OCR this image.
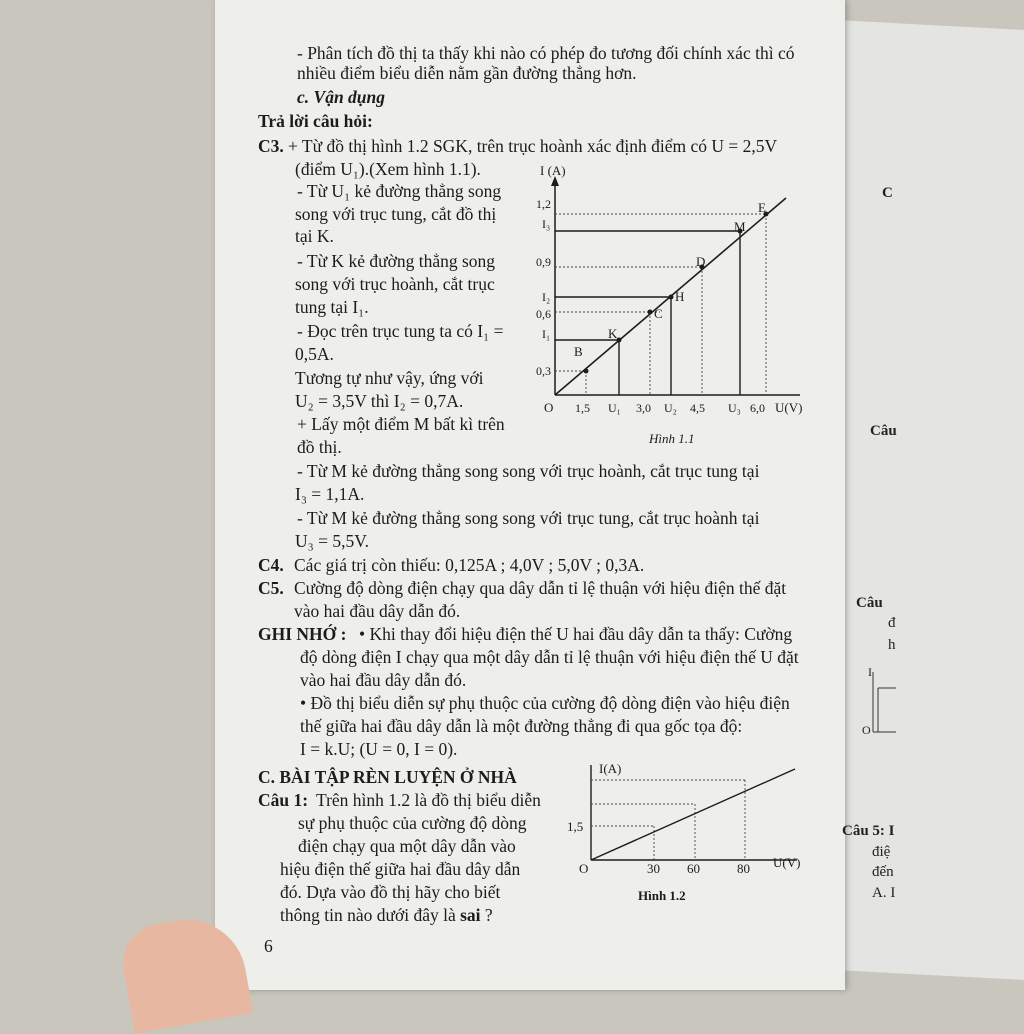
C
Câu
Câu
đ
h
I
O
Câu 5: I
điệ
đến
A. I
- Phân tích đồ thị ta thấy khi nào có phép đo tương đối chính xác thì có
nhiều điểm biểu diễn nằm gần đường thẳng hơn.
c. Vận dụng
Trả lời câu hỏi:
C3. + Từ đồ thị hình 1.2 SGK, trên trục hoành xác định điểm có U = 2,5V
(điểm U₁).(Xem hình 1.1).
- Từ U₁ kẻ đường thẳng song
song với trục tung, cắt đồ thị
tại K.
- Từ K kẻ đường thẳng song
song với trục hoành, cắt trục
tung tại I₁.
- Đọc trên trục tung ta có I₁ =
0,5A.
Tương tự như vậy, ứng với
U₂ = 3,5V thì I₂ = 0,7A.
+ Lấy một điểm M bất kì trên
đồ thị.
- Từ M kẻ đường thẳng song song với trục hoành, cắt trục tung tại
I₃ = 1,1A.
- Từ M kẻ đường thẳng song song với trục tung, cắt trục hoành tại
U₃ = 5,5V.
C4. Các giá trị còn thiếu: 0,125A ; 4,0V ; 5,0V ; 0,3A.
C5. Cường độ dòng điện chạy qua dây dẫn tỉ lệ thuận với hiệu điện thế đặt
vào hai đầu dây dẫn đó.
GHI NHỚ : • Khi thay đổi hiệu điện thế U hai đầu dây dẫn ta thấy: Cường
độ dòng điện I chạy qua một dây dẫn tỉ lệ thuận với hiệu điện thế U đặt
vào hai đầu dây dẫn đó.
• Đồ thị biểu diễn sự phụ thuộc của cường độ dòng điện vào hiệu điện
thế giữa hai đầu dây dẫn là một đường thẳng đi qua gốc tọa độ:
I = k.U; (U = 0, I = 0).
C. BÀI TẬP RÈN LUYỆN Ở NHÀ
Câu 1: Trên hình 1.2 là đồ thị biểu diễn
sự phụ thuộc của cường độ dòng
điện chạy qua một dây dẫn vào
hiệu điện thế giữa hai đầu dây dẫn
đó. Dựa vào đồ thị hãy cho biết
thông tin nào dưới đây là sai ?
6
I (A)
U(V)
O
0,3
0,6
0,9
1,2
I₁
I₂
I₃
1,5 U₁ 3,0 U₂ 4,5 U₃ 6,0
B
K
C
H
D
M
E
Hình 1.1
I(A)
U(V)
O
1,5
30 60	80
Hình 1.2
